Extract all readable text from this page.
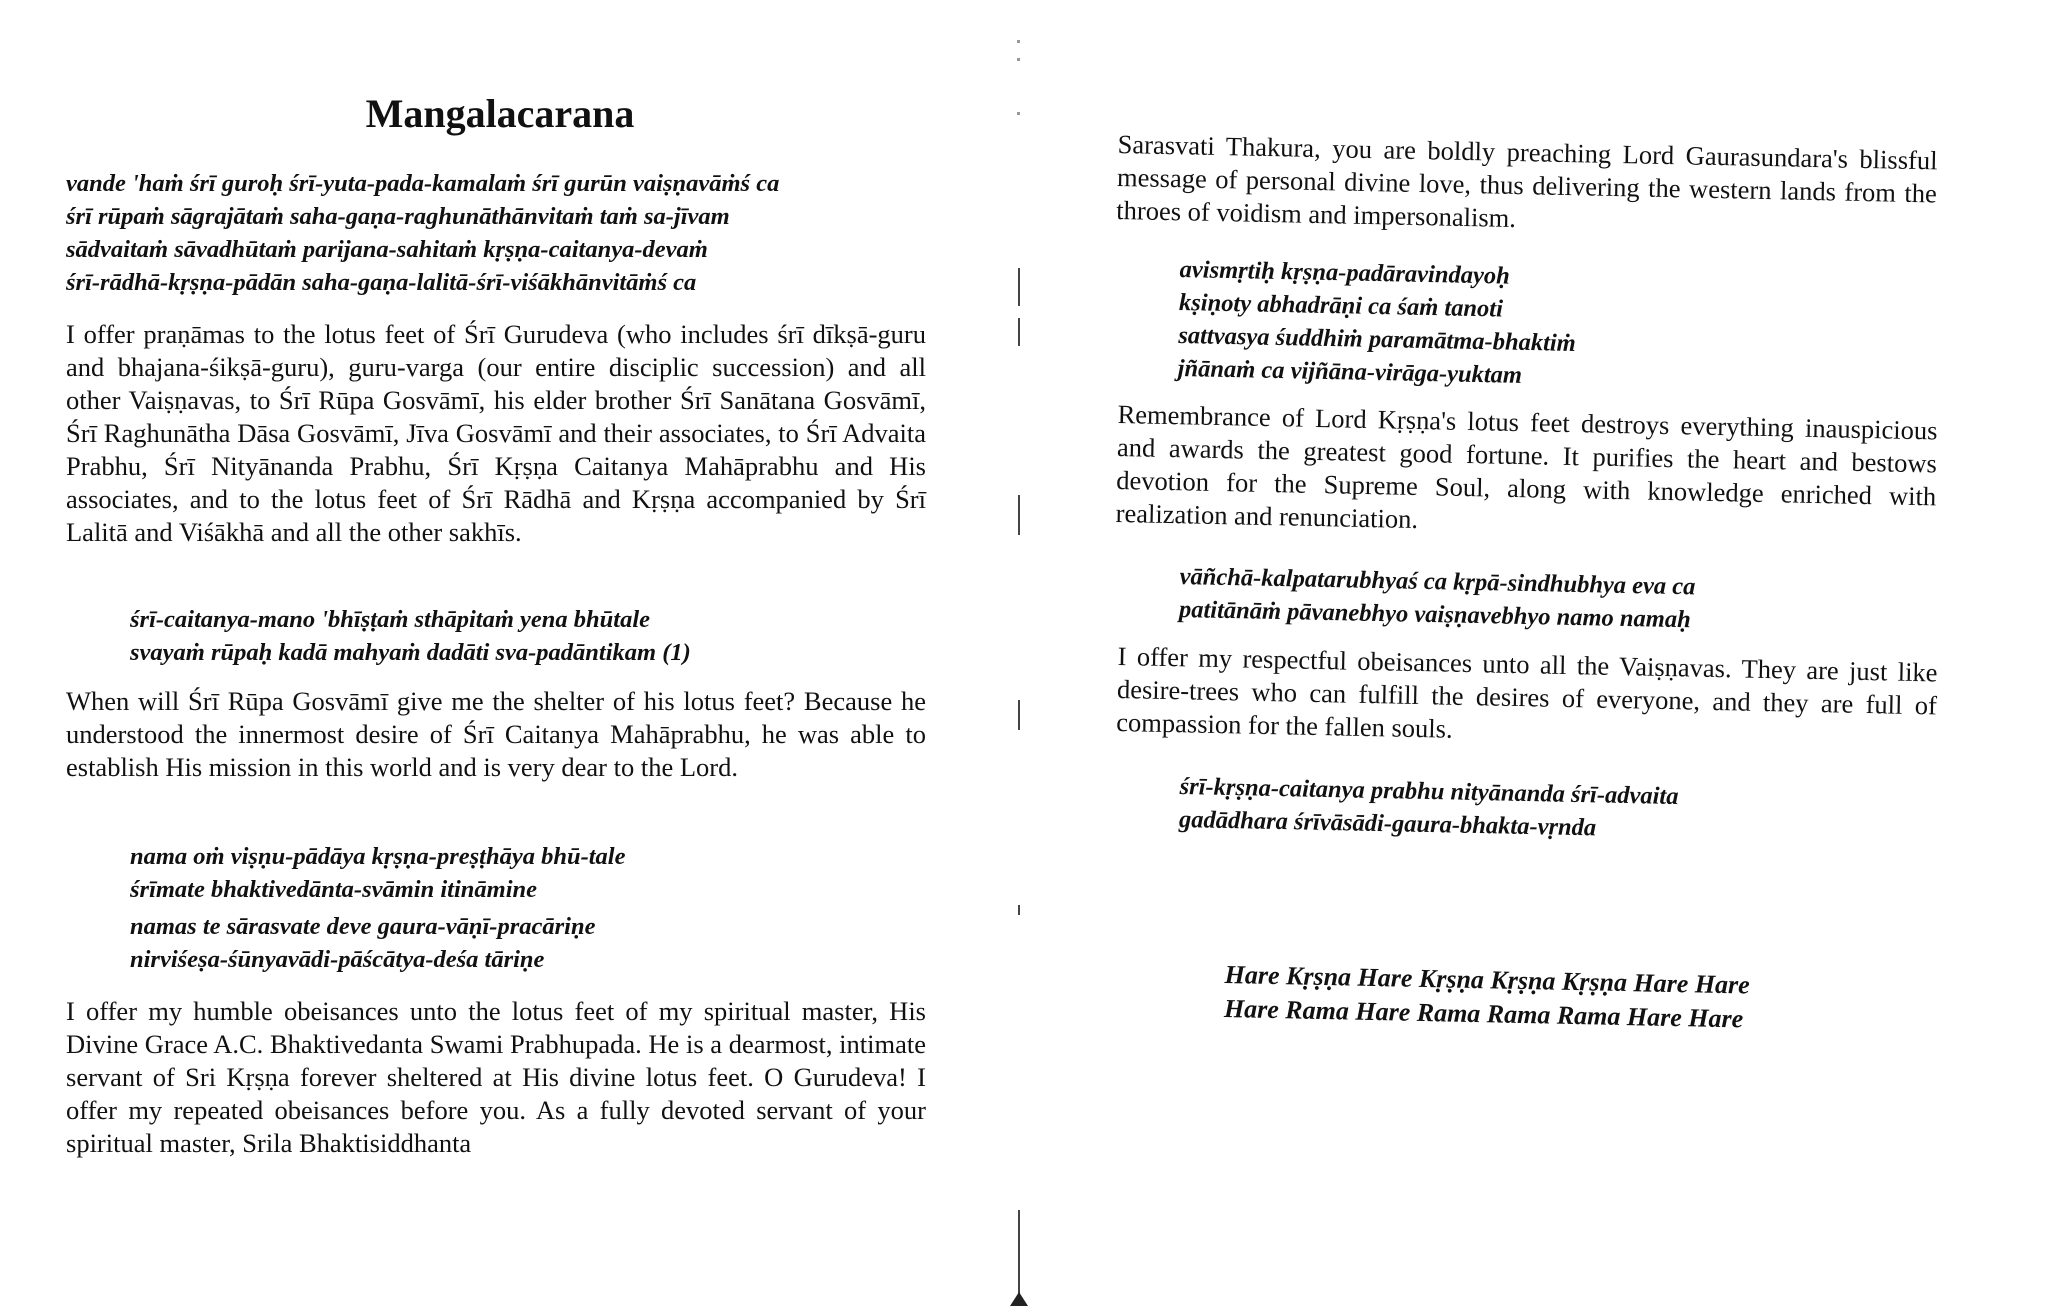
Mangalacarana

vande 'haṁ śrī guroḥ śrī-yuta-pada-kamalaṁ śrī gurūn vaiṣṇavāṁś ca
śrī rūpaṁ sāgrajātaṁ saha-gaṇa-raghunāthānvitaṁ taṁ sa-jīvam
sādvaitaṁ sāvadhūtaṁ parijana-sahitaṁ kṛṣṇa-caitanya-devaṁ
śrī-rādhā-kṛṣṇa-pādān saha-gaṇa-lalitā-śrī-viśākhānvitāṁś ca

I offer praṇāmas to the lotus feet of Śrī Gurudeva (who includes śrī dīkṣā-guru and bhajana-śikṣā-guru), guru-varga (our entire disciplic succession) and all other Vaiṣṇavas, to Śrī Rūpa Gosvāmī, his elder brother Śrī Sanātana Gosvāmī, Śrī Raghunātha Dāsa Gosvāmī, Jīva Gosvāmī and their associates, to Śrī Advaita Prabhu, Śrī Nityānanda Prabhu, Śrī Kṛṣṇa Caitanya Mahāprabhu and His associates, and to the lotus feet of Śrī Rādhā and Kṛṣṇa accompanied by Śrī Lalitā and Viśākhā and all the other sakhīs.

śrī-caitanya-mano 'bhīṣṭaṁ sthāpitaṁ yena bhūtale
svayaṁ rūpaḥ kadā mahyaṁ dadāti sva-padāntikam (1)

When will Śrī Rūpa Gosvāmī give me the shelter of his lotus feet? Because he understood the innermost desire of Śrī Caitanya Mahāprabhu, he was able to establish His mission in this world and is very dear to the Lord.

nama oṁ viṣṇu-pādāya kṛṣṇa-preṣṭhāya bhū-tale
śrīmate bhaktivedānta-svāmin itināmine

namas te sārasvate deve gaura-vāṇī-pracāriṇe
nirviśeṣa-śūnyavādi-pāścātya-deśa tāriṇe

I offer my humble obeisances unto the lotus feet of my spiritual master, His Divine Grace A.C. Bhaktivedanta Swami Prabhupada. He is a dearmost, intimate servant of Sri Kṛṣṇa forever sheltered at His divine lotus feet. O Gurudeva! I offer my repeated obeisances before you. As a fully devoted servant of your spiritual master, Srila Bhaktisiddhanta

Sarasvati Thakura, you are boldly preaching Lord Gaurasundara's blissful message of personal divine love, thus delivering the western lands from the throes of voidism and impersonalism.

avismṛtiḥ kṛṣṇa-padāravindayoḥ
kṣiṇoty abhadrāṇi ca śaṁ tanoti
sattvasya śuddhiṁ paramātma-bhaktiṁ
jñānaṁ ca vijñāna-virāga-yuktam

Remembrance of Lord Kṛṣṇa's lotus feet destroys everything inauspicious and awards the greatest good fortune. It purifies the heart and bestows devotion for the Supreme Soul, along with knowledge enriched with realization and renunciation.

vāñchā-kalpatarubhyaś ca kṛpā-sindhubhya eva ca
patitānāṁ pāvanebhyo vaiṣṇavebhyo namo namaḥ

I offer my respectful obeisances unto all the Vaiṣṇavas. They are just like desire-trees who can fulfill the desires of everyone, and they are full of compassion for the fallen souls.

śrī-kṛṣṇa-caitanya prabhu nityānanda śrī-advaita
gadādhara śrīvāsādi-gaura-bhakta-vṛnda

Hare Kṛṣṇa Hare Kṛṣṇa Kṛṣṇa Kṛṣṇa Hare Hare
Hare Rama Hare Rama Rama Rama Hare Hare
